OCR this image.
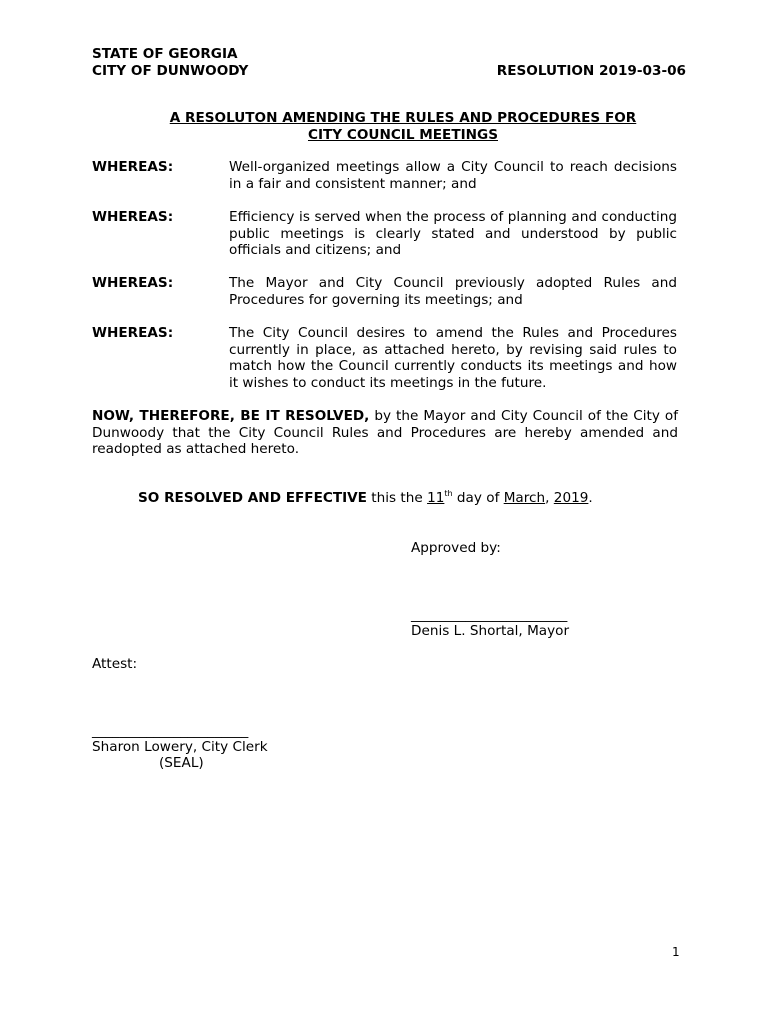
STATE OF GEORGIA
CITY OF DUNWOODY	RESOLUTION 2019-03-06
A RESOLUTON AMENDING THE RULES AND PROCEDURES FOR
CITY COUNCIL MEETINGS
WHEREAS:	Well-organized meetings allow a City Council to reach decisions in a fair and consistent manner; and
WHEREAS:	Efficiency is served when the process of planning and conducting public meetings is clearly stated and understood by public officials and citizens; and
WHEREAS:	The Mayor and City Council previously adopted Rules and Procedures for governing its meetings; and
WHEREAS:	The City Council desires to amend the Rules and Procedures currently in place, as attached hereto, by revising said rules to match how the Council currently conducts its meetings and how it wishes to conduct its meetings in the future.
NOW, THEREFORE, BE IT RESOLVED, by the Mayor and City Council of the City of Dunwoody that the City Council Rules and Procedures are hereby amended and readopted as attached hereto.
SO RESOLVED AND EFFECTIVE this the 11th day of March, 2019.
Approved by:
_______________________
Denis L. Shortal, Mayor
Attest:
_______________________
Sharon Lowery, City Clerk
(SEAL)
1
